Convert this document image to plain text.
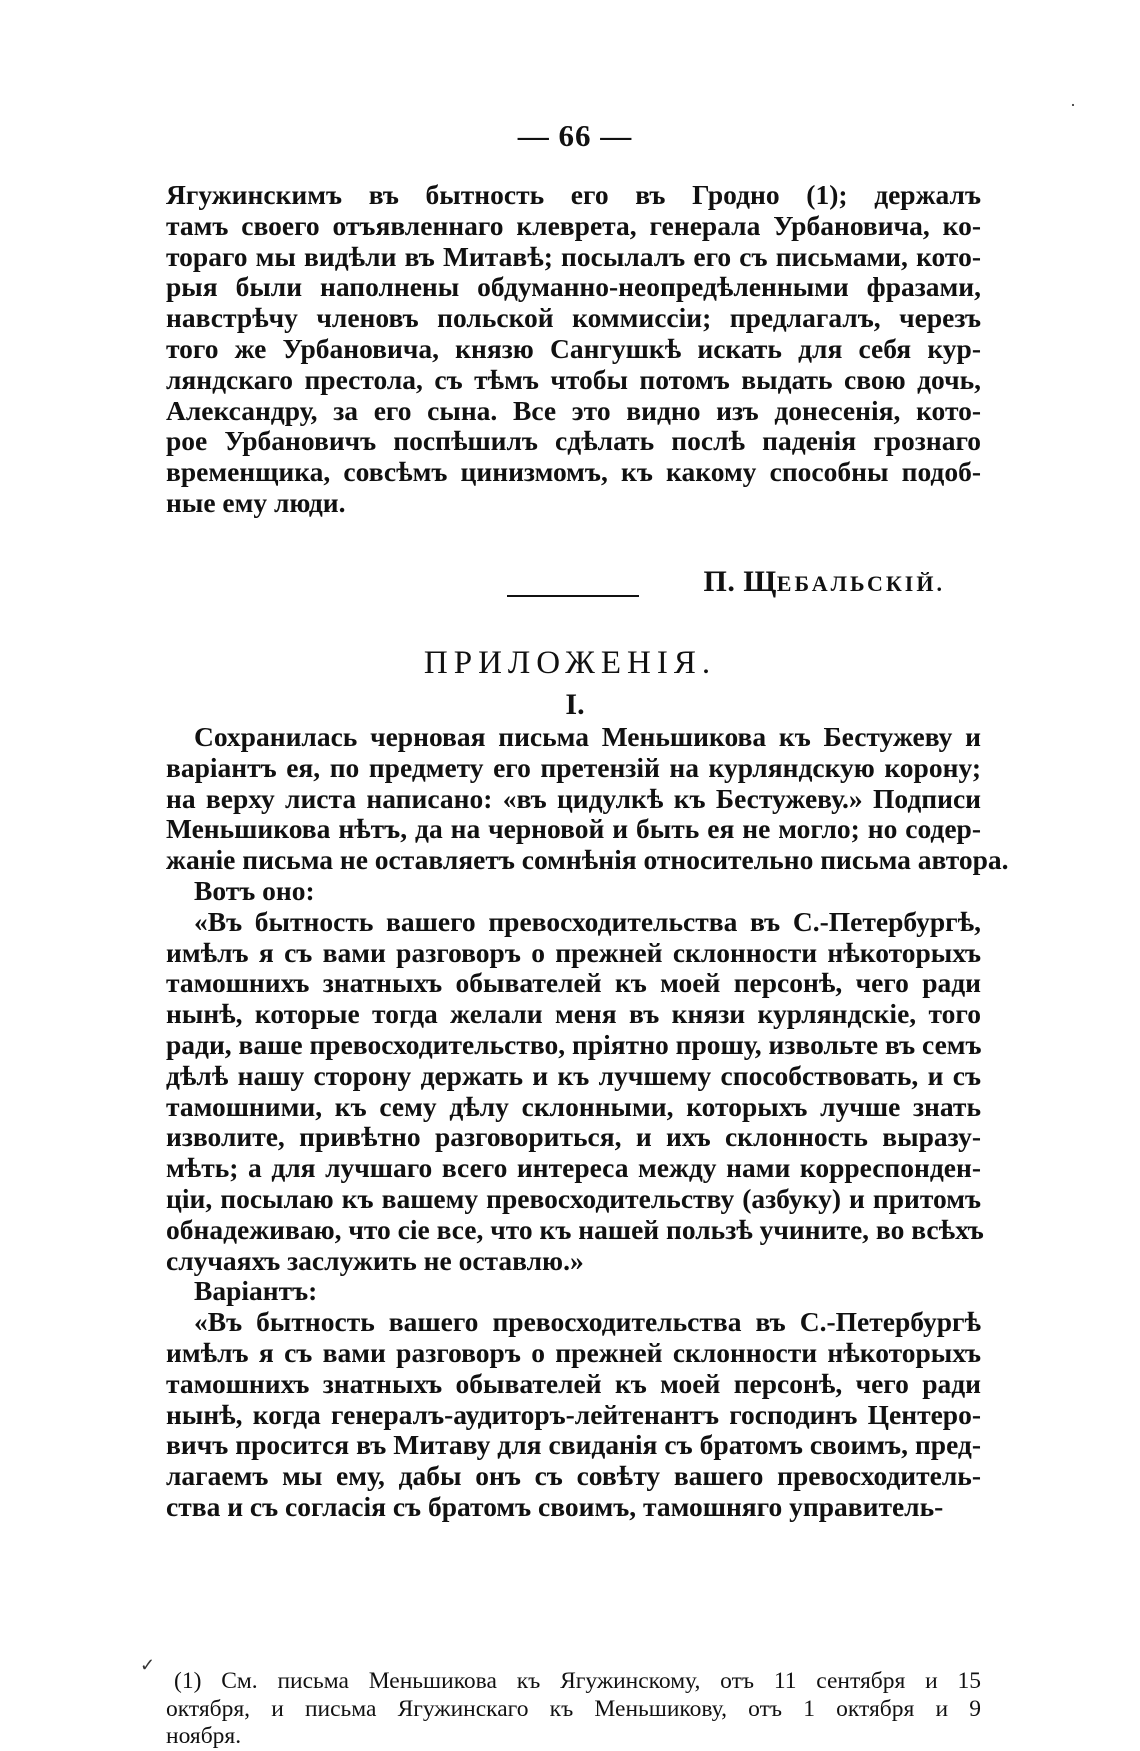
— 66 —
Ягужинскимъ въ бытность его въ Гродно (1); держалъ
тамъ своего отъявленнаго клеврета, генерала Урбановича, ко-
тораго мы видѣли въ Митавѣ; посылалъ его съ письмами, кото-
рыя были наполнены обдуманно-неопредѣленными фразами,
навстрѣчу членовъ польской коммиссіи; предлагалъ, черезъ
того же Урбановича, князю Сангушкѣ искать для себя кур-
ляндскаго престола, съ тѣмъ чтобы потомъ выдать свою дочь,
Александру, за его сына. Все это видно изъ донесенія, кото-
рое Урбановичъ поспѣшилъ сдѣлать послѣ паденія грознаго
временщика, совсѣмъ цинизмомъ, къ какому способны подоб-
ные ему люди.
П. ЩЕБАЛЬСКІЙ.
ПРИЛОЖЕНІЯ.
I.
Сохранилась черновая письма Меньшикова къ Бестужеву и
варіантъ ея, по предмету его претензій на курляндскую корону;
на верху листа написано: «въ цидулкѣ къ Бестужеву.» Подписи
Меньшикова нѣтъ, да на черновой и быть ея не могло; но содер-
жаніе письма не оставляетъ сомнѣнія относительно письма автора.
Вотъ оно:
«Въ бытность вашего превосходительства въ С.-Петербургѣ,
имѣлъ я съ вами разговоръ о прежней склонности нѣкоторыхъ
тамошнихъ знатныхъ обывателей къ моей персонѣ, чего ради
нынѣ, которые тогда желали меня въ князи курляндскіе, того
ради, ваше превосходительство, пріятно прошу, извольте въ семъ
дѣлѣ нашу сторону держать и къ лучшему способствовать, и съ
тамошними, къ сему дѣлу склонными, которыхъ лучше знать
изволите, привѣтно разговориться, и ихъ склонность выразу-
мѣть; а для лучшаго всего интереса между нами корреспонден-
ціи, посылаю къ вашему превосходительству (азбуку) и притомъ
обнадеживаю, что сіе все, что къ нашей пользѣ учините, во всѣхъ
случаяхъ заслужить не оставлю.»
Варіантъ:
«Въ бытность вашего превосходительства въ С.-Петербургѣ
имѣлъ я съ вами разговоръ о прежней склонности нѣкоторыхъ
тамошнихъ знатныхъ обывателей къ моей персонѣ, чего ради
нынѣ, когда генералъ-аудиторъ-лейтенантъ господинъ Центеро-
вичъ просится въ Митаву для свиданія съ братомъ своимъ, пред-
лагаемъ мы ему, дабы онъ съ совѣту вашего превосходитель-
ства и съ согласія съ братомъ своимъ, тамошняго управитель-
(1) См. письма Меньшикова къ Ягужинскому, отъ 11 сентября и 15
октября, и письма Ягужинскаго къ Меньшикову, отъ 1 октября и 9
ноября.
·
✓
